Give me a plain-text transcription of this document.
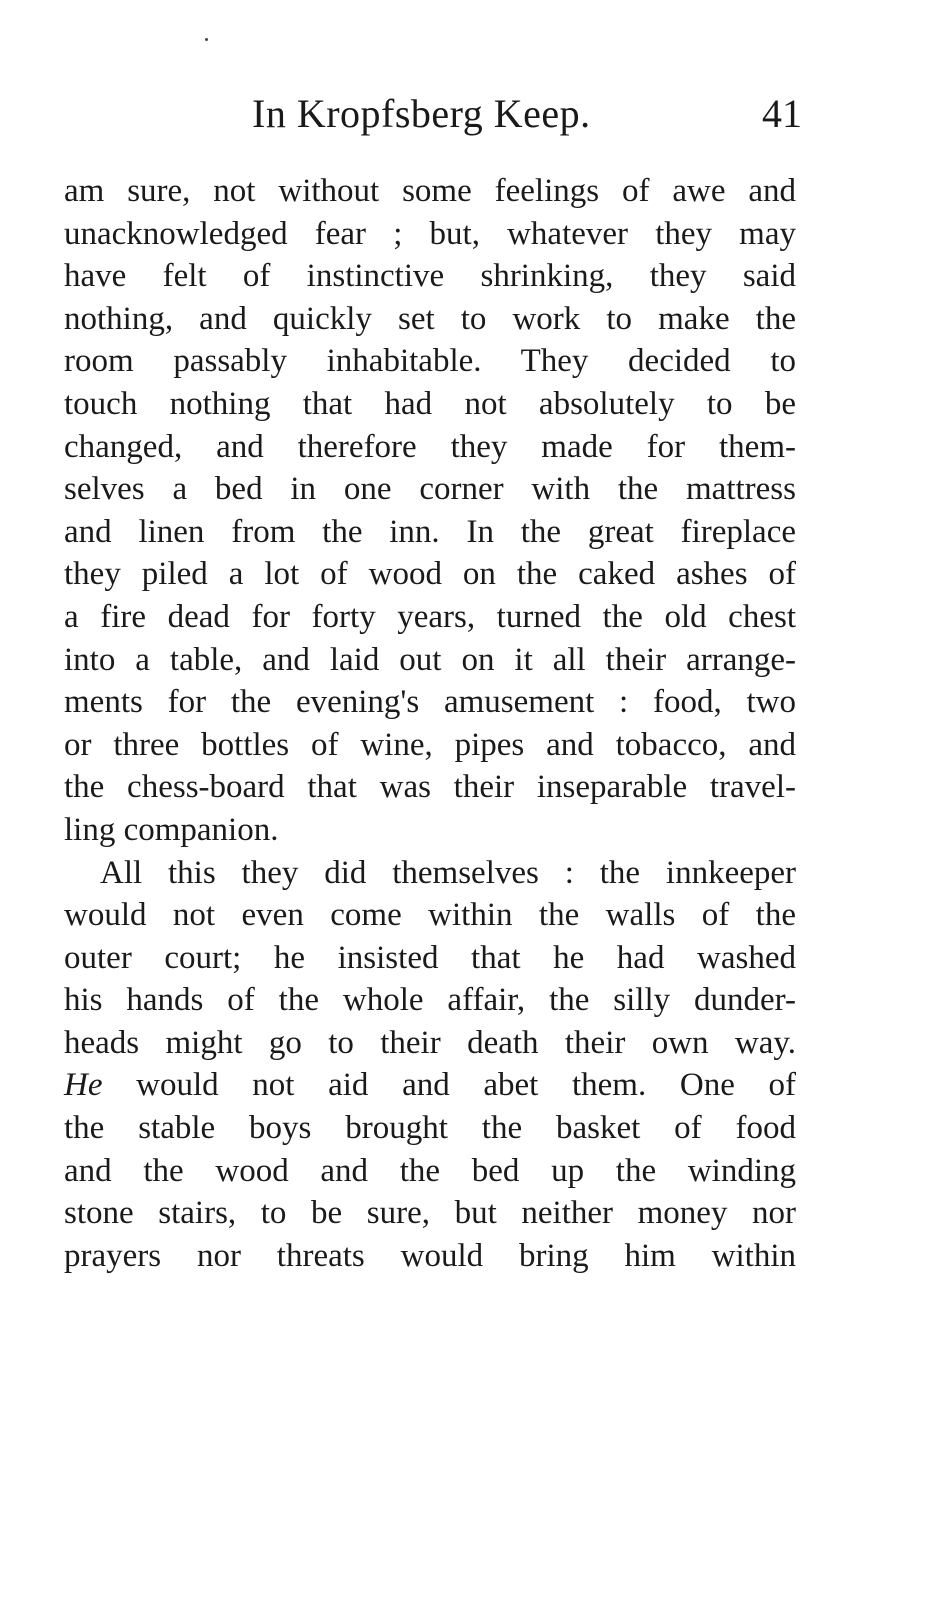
In Kropfsberg Keep.	41
am sure, not without some feelings of awe and
unacknowledged fear ; but, whatever they may
have felt of instinctive shrinking, they said
nothing, and quickly set to work to make the
room passably inhabitable. They decided to
touch nothing that had not absolutely to be
changed, and therefore they made for them-
selves a bed in one corner with the mattress
and linen from the inn. In the great fireplace
they piled a lot of wood on the caked ashes of
a fire dead for forty years, turned the old chest
into a table, and laid out on it all their arrange-
ments for the evening's amusement : food, two
or three bottles of wine, pipes and tobacco, and
the chess-board that was their inseparable travel-
ling companion.
All this they did themselves : the innkeeper
would not even come within the walls of the
outer court; he insisted that he had washed
his hands of the whole affair, the silly dunder-
heads might go to their death their own way.
He would not aid and abet them. One of
the stable boys brought the basket of food
and the wood and the bed up the winding
stone stairs, to be sure, but neither money nor
prayers nor threats would bring him within
